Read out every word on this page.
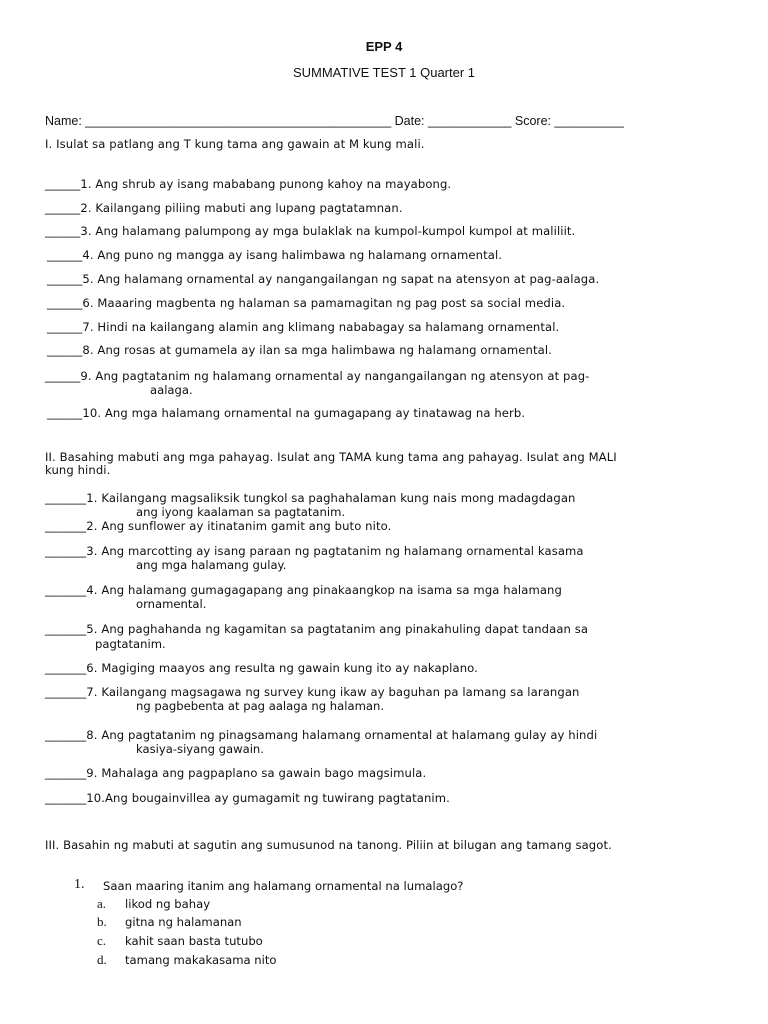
EPP 4
SUMMATIVE TEST 1 Quarter 1
Name: ____________________________________________ Date: ____________ Score: __________
I. Isulat sa patlang ang T kung tama ang gawain at M kung mali.
______1. Ang shrub ay isang mababang punong kahoy na mayabong.
______2. Kailangang piliing mabuti ang lupang pagtatamnan.
______3. Ang halamang palumpong ay mga bulaklak na kumpol-kumpol kumpol at maliliit.
______4. Ang puno ng mangga ay isang halimbawa ng halamang ornamental.
______5. Ang halamang ornamental ay nangangailangan ng sapat na atensyon at pag-aalaga.
______6. Maaaring magbenta ng halaman sa pamamagitan ng pag post sa social media.
______7. Hindi na kailangang alamin ang klimang nababagay sa halamang ornamental.
______8. Ang rosas at gumamela ay ilan sa mga halimbawa ng halamang ornamental.
______9. Ang pagtatanim ng halamang ornamental ay nangangailangan ng atensyon at pag-
aalaga.
______10. Ang mga halamang ornamental na gumagapang ay tinatawag na herb.
II. Basahing mabuti ang mga pahayag. Isulat ang TAMA kung tama ang pahayag. Isulat ang MALI
kung hindi.
_______1. Kailangang magsaliksik tungkol sa paghahalaman kung nais mong madagdagan
ang iyong kaalaman sa pagtatanim.
_______2. Ang sunflower ay itinatanim gamit ang buto nito.
_______3. Ang marcotting ay isang paraan ng pagtatanim ng halamang ornamental kasama
ang mga halamang gulay.
_______4. Ang halamang gumagagapang ang pinakaangkop na isama sa mga halamang
ornamental.
_______5. Ang paghahanda ng kagamitan sa pagtatanim ang pinakahuling dapat tandaan sa
pagtatanim.
_______6. Magiging maayos ang resulta ng gawain kung ito ay nakaplano.
_______7. Kailangang magsagawa ng survey kung ikaw ay baguhan pa lamang sa larangan
ng pagbebenta at pag aalaga ng halaman.
_______8. Ang pagtatanim ng pinagsamang halamang ornamental at halamang gulay ay hindi
kasiya-siyang gawain.
_______9. Mahalaga ang pagpaplano sa gawain bago magsimula.
_______10.Ang bougainvillea ay gumagamit ng tuwirang pagtatanim.
III. Basahin ng mabuti at sagutin ang sumusunod na tanong. Piliin at bilugan ang tamang sagot.
1. Saan maaring itanim ang halamang ornamental na lumalago?
a. likod ng bahay
b. gitna ng halamanan
c. kahit saan basta tutubo
d. tamang makakasama nito
